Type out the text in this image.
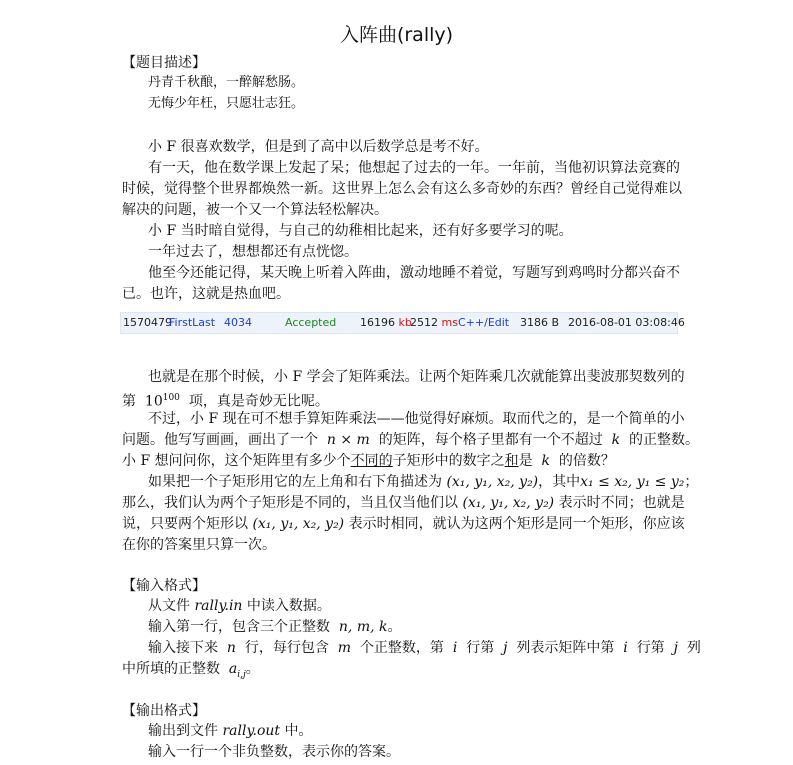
入阵曲(rally)
【题目描述】
丹青千秋酿，一醉解愁肠。
无悔少年枉，只愿壮志狂。
小 F 很喜欢数学，但是到了高中以后数学总是考不好。
有一天，他在数学课上发起了呆；他想起了过去的一年。一年前，当他初识算法竞赛的
时候，觉得整个世界都焕然一新。这世界上怎么会有这么多奇妙的东西？曾经自己觉得难以
解决的问题，被一个又一个算法轻松解决。
小 F 当时暗自觉得，与自己的幼稚相比起来，还有好多要学习的呢。
一年过去了，想想都还有点恍惚。
他至今还能记得，某天晚上听着入阵曲，激动地睡不着觉，写题写到鸡鸣时分都兴奋不
已。也许，这就是热血吧。
1570479
FirstLast 4034	Accepted 16196 kb
2512 ms C++/Edit 3186 B 2016-08-01 03:08:46
也就是在那个时候，小 F 学会了矩阵乘法。让两个矩阵乘几次就能算出斐波那契数列的
第 $10^{100}$ 项，真是奇妙无比呢。
不过，小 F 现在可不想手算矩阵乘法——他觉得好麻烦。取而代之的，是一个简单的小
问题。他写写画画，画出了一个 n × m 的矩阵，每个格子里都有一个不超过 k 的正整数。
小 F 想问问你，这个矩阵里有多少个不同的子矩形中的数字之和是 k 的倍数？
如果把一个子矩形用它的左上角和右下角描述为 (x₁, y₁, x₂, y₂)，其中x₁ ≤ x₂, y₁ ≤ y₂；
那么，我们认为两个子矩形是不同的，当且仅当他们以 (x₁, y₁, x₂, y₂) 表示时不同；也就是
说，只要两个矩形以 (x₁, y₁, x₂, y₂) 表示时相同，就认为这两个矩形是同一个矩形，你应该
在你的答案里只算一次。
【输入格式】
从文件 rally.in 中读入数据。
输入第一行，包含三个正整数 n, m, k。
输入接下来 n 行，每行包含 m 个正整数，第 i 行第 j 列表示矩阵中第 i 行第 j 列
中所填的正整数 $a_{i,j}$。
【输出格式】
输出到文件 rally.out 中。
输入一行一个非负整数，表示你的答案。
